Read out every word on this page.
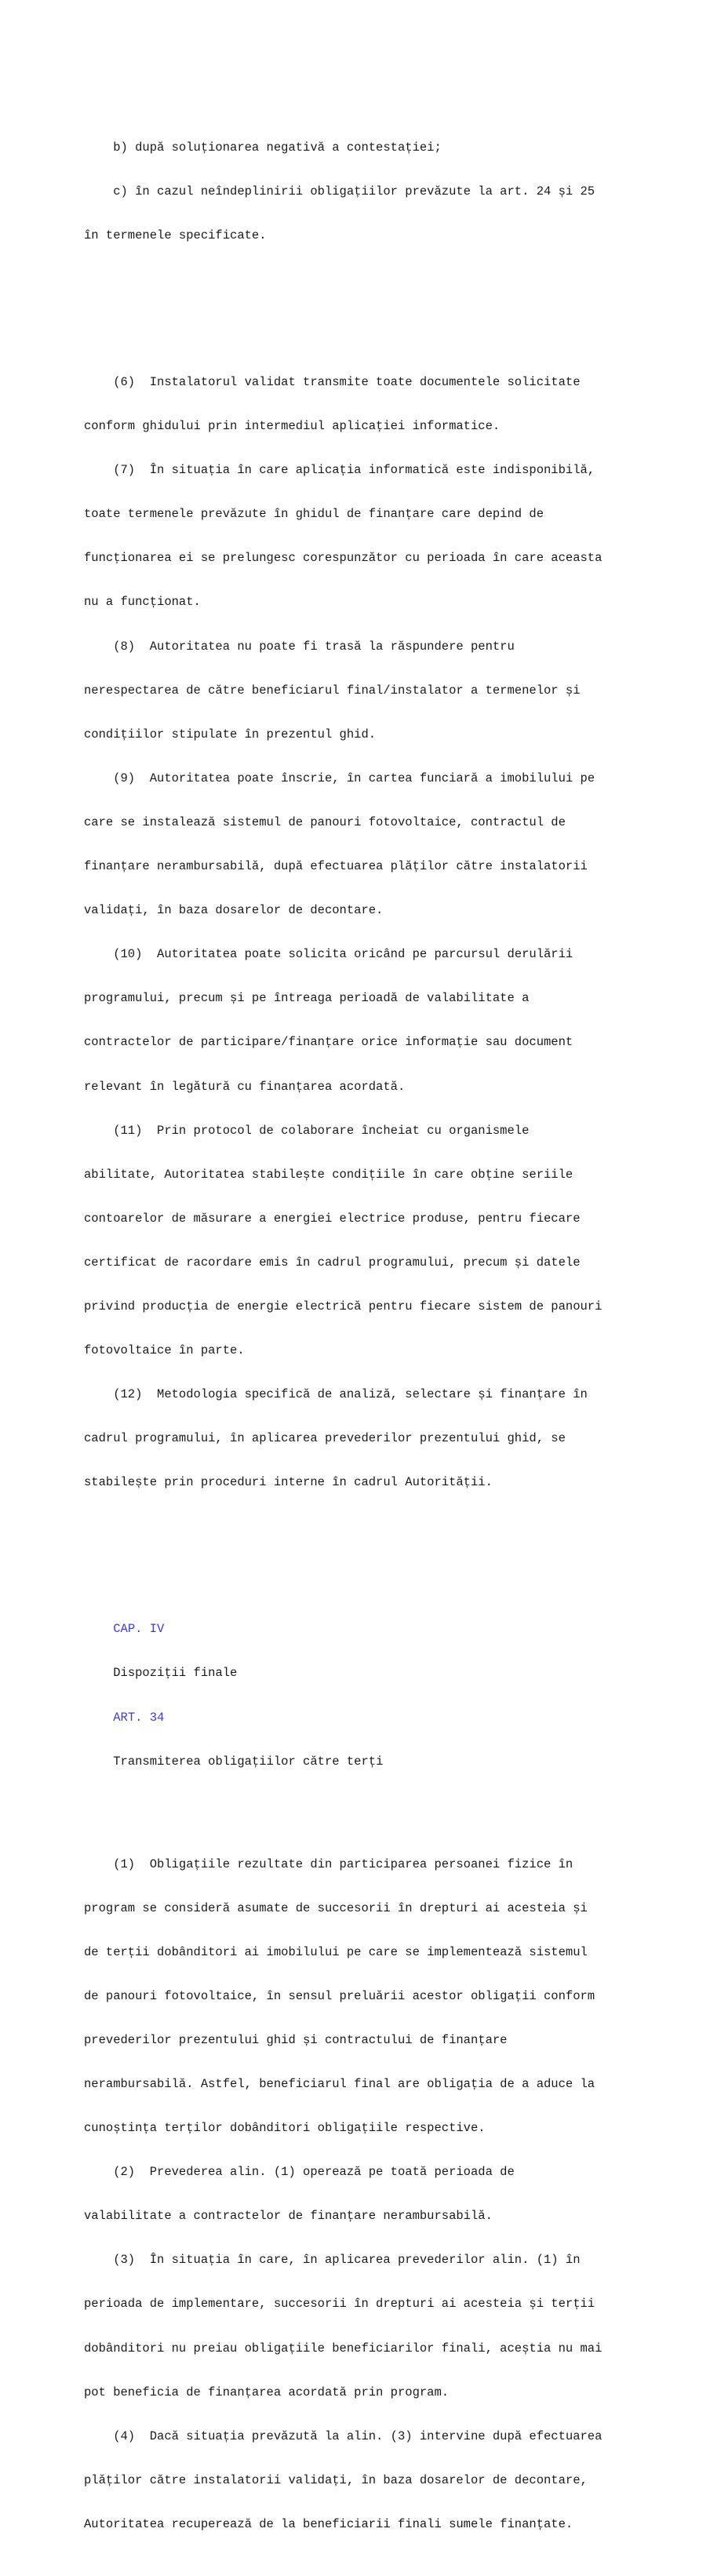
b) după soluționarea negativă a contestației;

c) în cazul neîndeplinirii obligațiilor prevăzute la art. 24 și 25

în termenele specificate.

(6)  Instalatorul validat transmite toate documentele solicitate

conform ghidului prin intermediul aplicației informatice.

(7)  În situația în care aplicația informatică este indisponibilă,

toate termenele prevăzute în ghidul de finanțare care depind de

funcționarea ei se prelungesc corespunzător cu perioada în care aceasta

nu a funcționat.

(8)  Autoritatea nu poate fi trasă la răspundere pentru

nerespectarea de către beneficiarul final/instalator a termenelor și

condițiilor stipulate în prezentul ghid.

(9)  Autoritatea poate înscrie, în cartea funciară a imobilului pe

care se instalează sistemul de panouri fotovoltaice, contractul de

finanțare nerambursabilă, după efectuarea plăților către instalatorii

validați, în baza dosarelor de decontare.

(10)  Autoritatea poate solicita oricând pe parcursul derulării

programului, precum și pe întreaga perioadă de valabilitate a

contractelor de participare/finanțare orice informație sau document

relevant în legătură cu finanțarea acordată.

(11)  Prin protocol de colaborare încheiat cu organismele

abilitate, Autoritatea stabilește condițiile în care obține seriile

contoarelor de măsurare a energiei electrice produse, pentru fiecare

certificat de racordare emis în cadrul programului, precum și datele

privind producția de energie electrică pentru fiecare sistem de panouri

fotovoltaice în parte.

(12)  Metodologia specifică de analiză, selectare și finanțare în

cadrul programului, în aplicarea prevederilor prezentului ghid, se

stabilește prin proceduri interne în cadrul Autorității.

CAP. IV

Dispoziții finale

ART. 34

Transmiterea obligațiilor către terți

(1)  Obligațiile rezultate din participarea persoanei fizice în

program se consideră asumate de succesorii în drepturi ai acesteia și

de terții dobânditori ai imobilului pe care se implementează sistemul

de panouri fotovoltaice, în sensul preluării acestor obligații conform

prevederilor prezentului ghid și contractului de finanțare

nerambursabilă. Astfel, beneficiarul final are obligația de a aduce la

cunoștința terților dobânditori obligațiile respective.

(2)  Prevederea alin. (1) operează pe toată perioada de

valabilitate a contractelor de finanțare nerambursabilă.

(3)  În situația în care, în aplicarea prevederilor alin. (1) în

perioada de implementare, succesorii în drepturi ai acesteia și terții

dobânditori nu preiau obligațiile beneficiarilor finali, aceștia nu mai

pot beneficia de finanțarea acordată prin program.

(4)  Dacă situația prevăzută la alin. (3) intervine după efectuarea

plăților către instalatorii validați, în baza dosarelor de decontare,

Autoritatea recuperează de la beneficiarii finali sumele finanțate.
